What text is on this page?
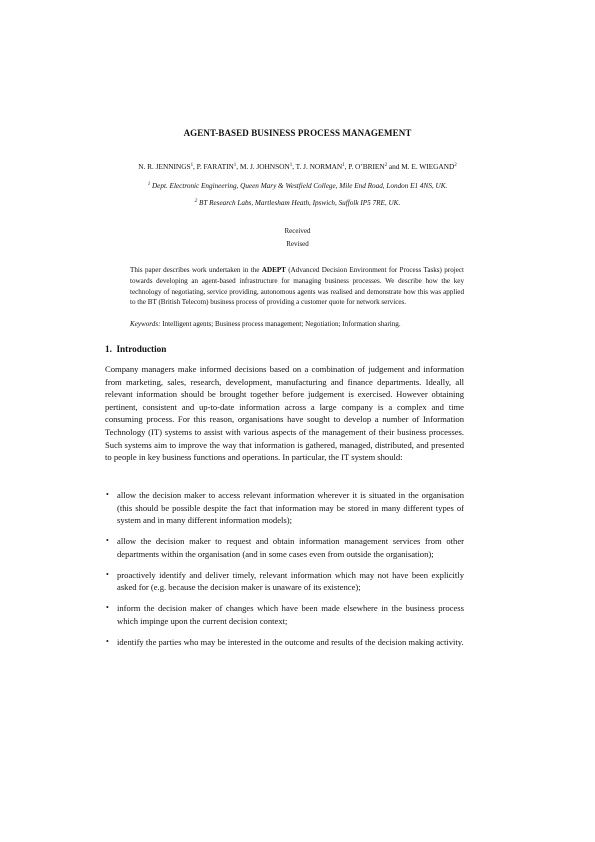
AGENT-BASED BUSINESS PROCESS MANAGEMENT
N. R. JENNINGS$^1$, P. FARATIN$^1$, M. J. JOHNSON$^1$, T. J. NORMAN$^1$, P. O’BRIEN$^2$ and M. E. WIEGAND$^2$
$^1$ Dept. Electronic Engineering, Queen Mary & Westfield College, Mile End Road, London E1 4NS, UK.
$^2$ BT Research Labs, Martlesham Heath, Ipswich, Suffolk IP5 7RE, UK.
Received
Revised
This paper describes work undertaken in the ADEPT (Advanced Decision Environment for Process Tasks) project towards developing an agent-based infrastructure for managing business processes. We describe how the key technology of negotiating, service providing, autonomous agents was realised and demonstrate how this was applied to the BT (British Telecom) business process of providing a customer quote for network services.
Keywords: Intelligent agents; Business process management; Negotiation; Information sharing.
1. Introduction
Company managers make informed decisions based on a combination of judgement and information from marketing, sales, research, development, manufacturing and finance departments. Ideally, all relevant information should be brought together before judgement is exercised. However obtaining pertinent, consistent and up-to-date information across a large company is a complex and time consuming process. For this reason, organisations have sought to develop a number of Information Technology (IT) systems to assist with various aspects of the management of their business processes. Such systems aim to improve the way that information is gathered, managed, distributed, and presented to people in key business functions and operations. In particular, the IT system should:
• allow the decision maker to access relevant information wherever it is situated in the organisation (this should be possible despite the fact that information may be stored in many different types of system and in many different information models);
• allow the decision maker to request and obtain information management services from other departments within the organisation (and in some cases even from outside the organisation);
• proactively identify and deliver timely, relevant information which may not have been explicitly asked for (e.g. because the decision maker is unaware of its existence);
• inform the decision maker of changes which have been made elsewhere in the business process which impinge upon the current decision context;
• identify the parties who may be interested in the outcome and results of the decision making activity.
